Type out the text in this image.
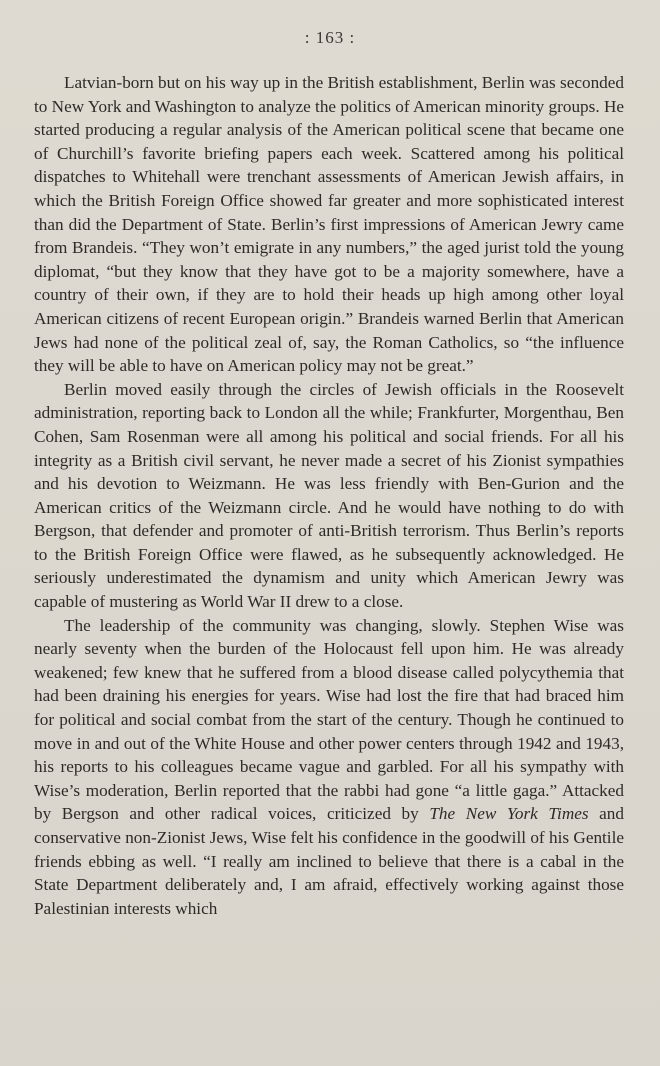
: 163 :

Latvian-born but on his way up in the British establishment, Berlin was seconded to New York and Washington to analyze the politics of American minority groups. He started producing a regular analysis of the American political scene that became one of Churchill’s favorite briefing papers each week. Scattered among his political dispatches to Whitehall were trenchant assessments of American Jewish affairs, in which the British Foreign Office showed far greater and more sophisticated interest than did the Department of State. Berlin’s first impressions of American Jewry came from Brandeis. “They won’t emigrate in any numbers,” the aged jurist told the young diplomat, “but they know that they have got to be a majority somewhere, have a country of their own, if they are to hold their heads up high among other loyal American citizens of recent European origin.” Brandeis warned Berlin that American Jews had none of the political zeal of, say, the Roman Catholics, so “the influence they will be able to have on American policy may not be great.”

Berlin moved easily through the circles of Jewish officials in the Roosevelt administration, reporting back to London all the while; Frankfurter, Morgenthau, Ben Cohen, Sam Rosenman were all among his political and social friends. For all his integrity as a British civil servant, he never made a secret of his Zionist sympathies and his devotion to Weizmann. He was less friendly with Ben-Gurion and the American critics of the Weizmann circle. And he would have nothing to do with Bergson, that defender and promoter of anti-British terrorism. Thus Berlin’s reports to the British Foreign Office were flawed, as he subsequently acknowledged. He seriously underestimated the dynamism and unity which American Jewry was capable of mustering as World War II drew to a close.

The leadership of the community was changing, slowly. Stephen Wise was nearly seventy when the burden of the Holocaust fell upon him. He was already weakened; few knew that he suffered from a blood disease called polycythemia that had been draining his energies for years. Wise had lost the fire that had braced him for political and social combat from the start of the century. Though he continued to move in and out of the White House and other power centers through 1942 and 1943, his reports to his colleagues became vague and garbled. For all his sympathy with Wise’s moderation, Berlin reported that the rabbi had gone “a little gaga.” Attacked by Bergson and other radical voices, criticized by The New York Times and conservative non-Zionist Jews, Wise felt his confidence in the goodwill of his Gentile friends ebbing as well. “I really am inclined to believe that there is a cabal in the State Department deliberately and, I am afraid, effectively working against those Palestinian interests which
